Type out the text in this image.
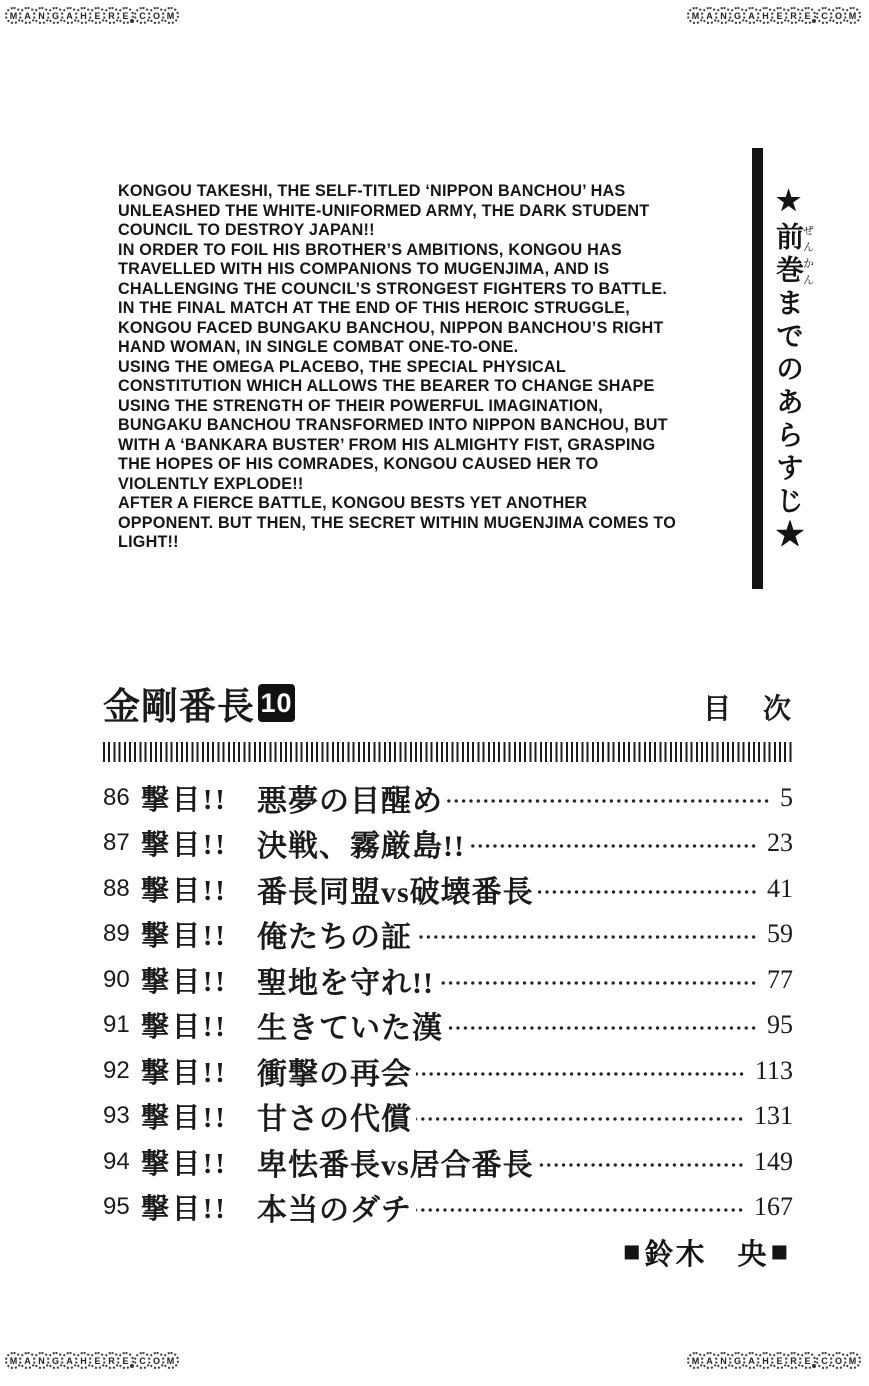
M A N G A H E R E	C O M	M A N G A H E R E	C O M
M A N G A H E R E	C O M	M A N G A H E R E	C O M
KONGOU TAKESHI, THE SELF-TITLED ‘NIPPON BANCHOU’ HAS
UNLEASHED THE WHITE-UNIFORMED ARMY, THE DARK STUDENT
COUNCIL TO DESTROY JAPAN!!
IN ORDER TO FOIL HIS BROTHER’S AMBITIONS, KONGOU HAS
TRAVELLED WITH HIS COMPANIONS TO MUGENJIMA, AND IS
CHALLENGING THE COUNCIL’S STRONGEST FIGHTERS TO BATTLE.
IN THE FINAL MATCH AT THE END OF THIS HEROIC STRUGGLE,
KONGOU FACED BUNGAKU BANCHOU, NIPPON BANCHOU’S RIGHT
HAND WOMAN, IN SINGLE COMBAT ONE-TO-ONE.
USING THE OMEGA PLACEBO, THE SPECIAL PHYSICAL
CONSTITUTION WHICH ALLOWS THE BEARER TO CHANGE SHAPE
USING THE STRENGTH OF THEIR POWERFUL IMAGINATION,
BUNGAKU BANCHOU TRANSFORMED INTO NIPPON BANCHOU, BUT
WITH A ‘BANKARA BUSTER’ FROM HIS ALMIGHTY FIST, GRASPING
THE HOPES OF HIS COMRADES, KONGOU CAUSED HER TO
VIOLENTLY EXPLODE!!
AFTER A FIERCE BATTLE, KONGOU BESTS YET ANOTHER
OPPONENT. BUT THEN, THE SECRET WITHIN MUGENJIMA COMES TO
LIGHT!!
★前巻ぜんかんまでのあらすじ★
金剛番長 10	目　次
86 撃目!! 悪夢の目醒め	5
87 撃目!! 決戦、霧厳島!!	23
88 撃目!! 番長同盟vs破壊番長	41
89 撃目!! 俺たちの証	59
90 撃目!! 聖地を守れ!!	77
91 撃目!! 生きていた漢	95
92 撃目!! 衝撃の再会	113
93 撃目!! 甘さの代償	131
94 撃目!! 卑怯番長vs居合番長	149
95 撃目!! 本当のダチ	167
■ 鈴木　央 ■
